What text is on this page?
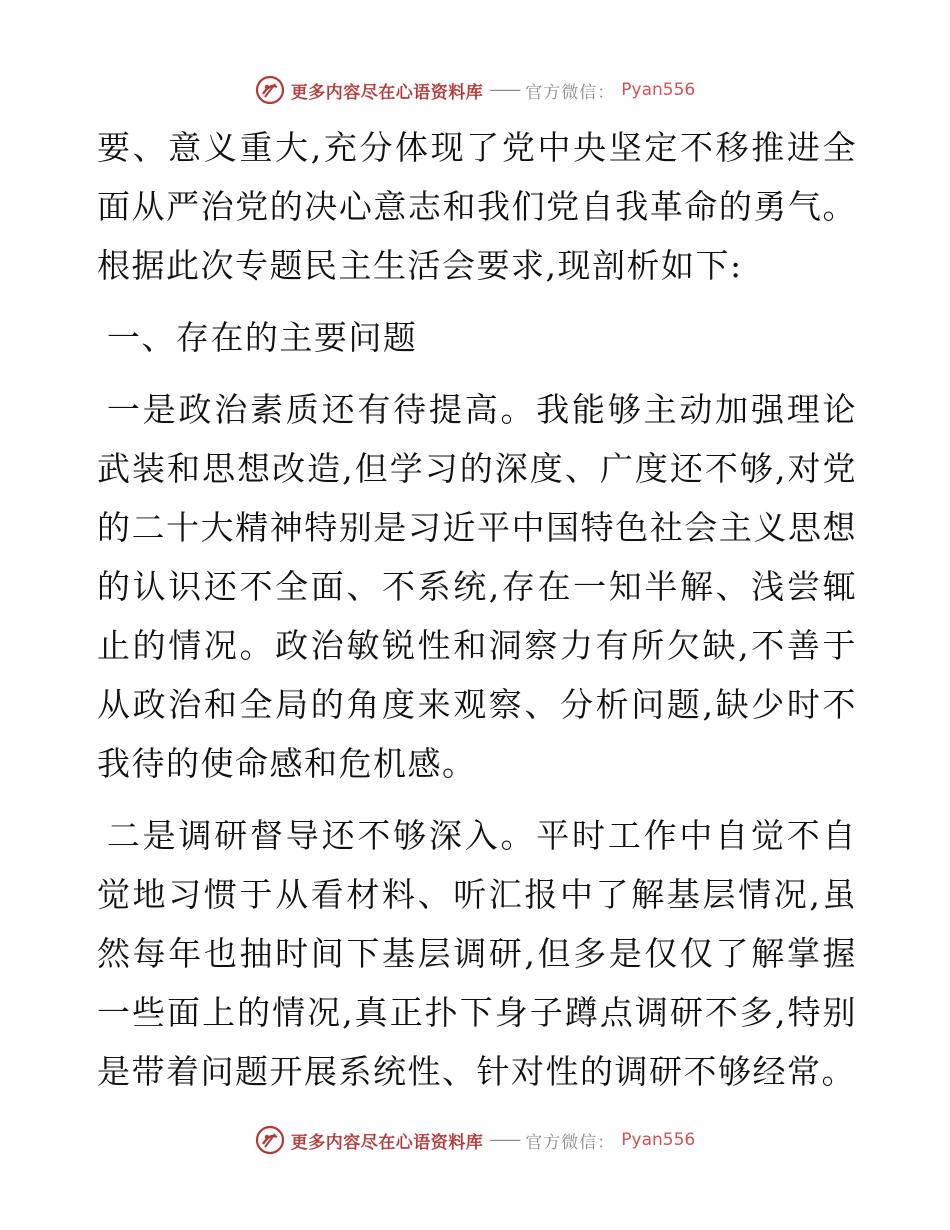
更多内容尽在心语资料库 —— 官方微信： Pyan556

要、意义重大,充分体现了党中央坚定不移推进全面从严治党的决心意志和我们党自我革命的勇气。根据此次专题民主生活会要求,现剖析如下:

一、存在的主要问题

一是政治素质还有待提高。我能够主动加强理论武装和思想改造,但学习的深度、广度还不够,对党的二十大精神特别是习近平中国特色社会主义思想的认识还不全面、不系统,存在一知半解、浅尝辄止的情况。政治敏锐性和洞察力有所欠缺,不善于从政治和全局的角度来观察、分析问题,缺少时不我待的使命感和危机感。

二是调研督导还不够深入。平时工作中自觉不自觉地习惯于从看材料、听汇报中了解基层情况,虽然每年也抽时间下基层调研,但多是仅仅了解掌握一些面上的情况,真正扑下身子蹲点调研不多,特别是带着问题开展系统性、针对性的调研不够经常。

更多内容尽在心语资料库 —— 官方微信： Pyan556
